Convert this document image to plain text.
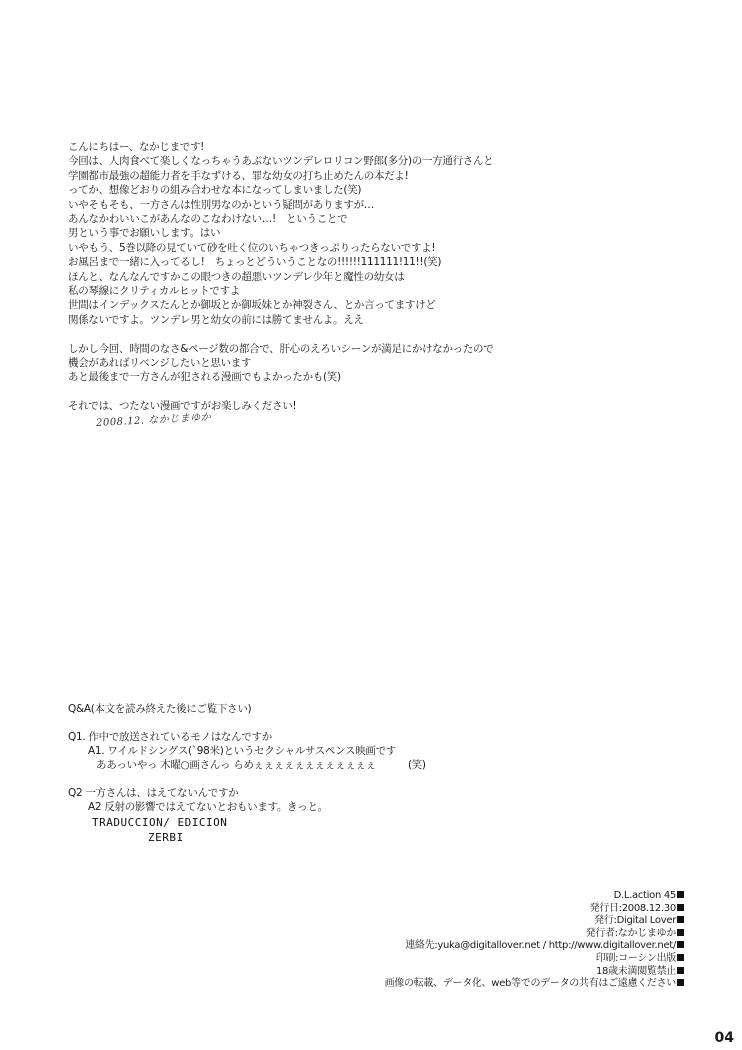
こんにちはー、なかじまです!

今回は、人肉食べて楽しくなっちゃうあぶないツンデレロリコン野郎(多分)の一方通行さんと

学園都市最強の超能力者を手なずける、罪な幼女の打ち止めたんの本だよ!

ってか、想像どおりの組み合わせな本になってしまいました(笑)

いやそもそも、一方さんは性別男なのかという疑問がありますが…

あんなかわいいこがあんなのこなわけない…!　ということで

男という事でお願いします。はい

いやもう、5巻以降の見ていて砂を吐く位のいちゃつきっぷりったらないですよ!

お風呂まで一緒に入ってるし!　ちょっとどういうことなの!!!!!!111111!11!!(笑)

ほんと、なんなんですかこの眼つきの超悪いツンデレ少年と魔性の幼女は

私の琴線にクリティカルヒットですよ

世間はインデックスたんとか御坂とか御坂妹とか神裂さん、とか言ってますけど

関係ないですよ。ツンデレ男と幼女の前には勝てませんよ。ええ

しかし今回、時間のなさ&ページ数の都合で、肝心のえろいシーンが満足にかけなかったので

機会があればリベンジしたいと思います

あと最後まで一方さんが犯される漫画でもよかったかも(笑)

それでは、つたない漫画ですがお楽しみください!

2008.12. なかじまゆか

Q&A(本文を読み終えた後にご覧下さい)

Q1. 作中で放送されているモノはなんですか

A1. ワイルドシングス(`98米)というセクシャルサスペンス映画です

ああっいやっ 木曜○画さんっ らめぇぇぇぇぇぇぇぇぇぇぇぇ	(笑)

Q2 一方さんは、はえてないんですか

A2 反射の影響ではえてないとおもいます。きっと。

TRADUCCION/ EDICION
ZERBI

D.L.action 45

発行日:2008.12.30

発行:Digital Lover

発行者:なかじまゆか

連絡先:yuka@digitallover.net / http://www.digitallover.net/

印刷:コーシン出版

18歳未満閲覧禁止

画像の転載、データ化、web等でのデータの共有はご遠慮ください

04
